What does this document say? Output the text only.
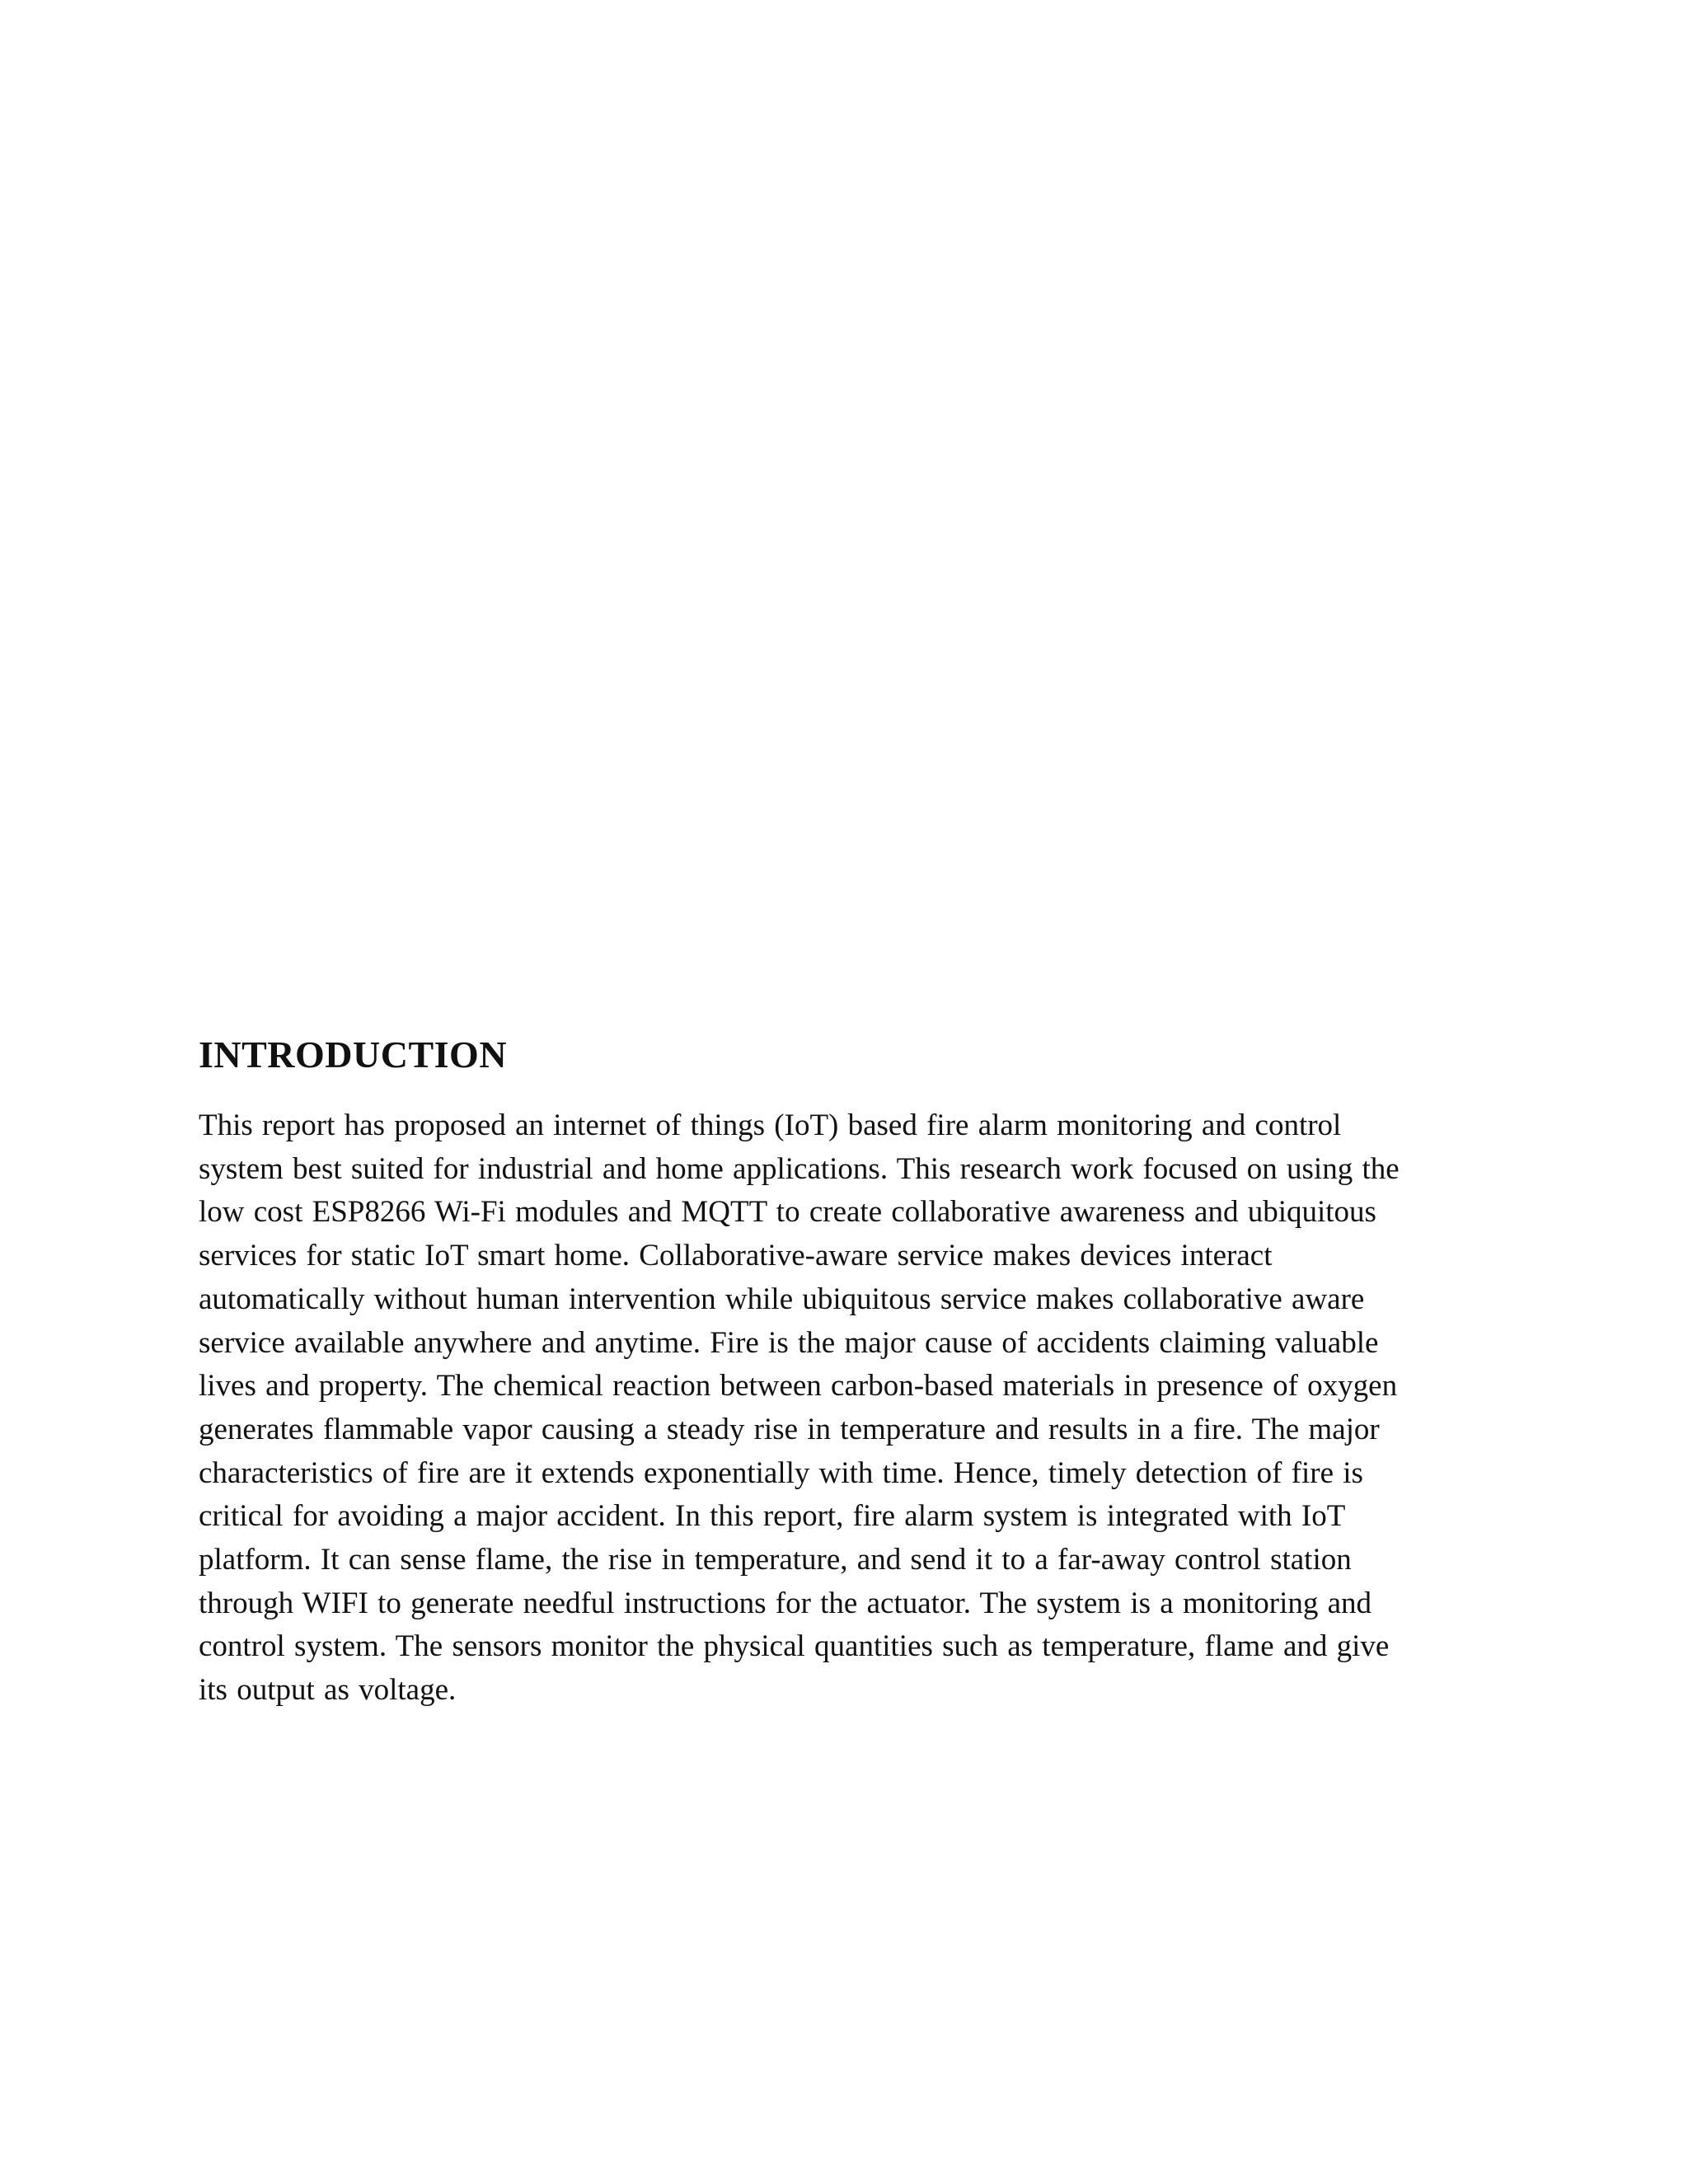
INTRODUCTION
This report has proposed an internet of things (IoT) based fire alarm monitoring and control
system best suited for industrial and home applications. This research work focused on using the
low cost ESP8266 Wi-Fi modules and MQTT to create collaborative awareness and ubiquitous
services for static IoT smart home. Collaborative-aware service makes devices interact
automatically without human intervention while ubiquitous service makes collaborative aware
service available anywhere and anytime. Fire is the major cause of accidents claiming valuable
lives and property. The chemical reaction between carbon-based materials in presence of oxygen
generates flammable vapor causing a steady rise in temperature and results in a fire. The major
characteristics of fire are it extends exponentially with time. Hence, timely detection of fire is
critical for avoiding a major accident. In this report, fire alarm system is integrated with IoT
platform. It can sense flame, the rise in temperature, and send it to a far-away control station
through WIFI to generate needful instructions for the actuator. The system is a monitoring and
control system. The sensors monitor the physical quantities such as temperature, flame and give
its output as voltage.
